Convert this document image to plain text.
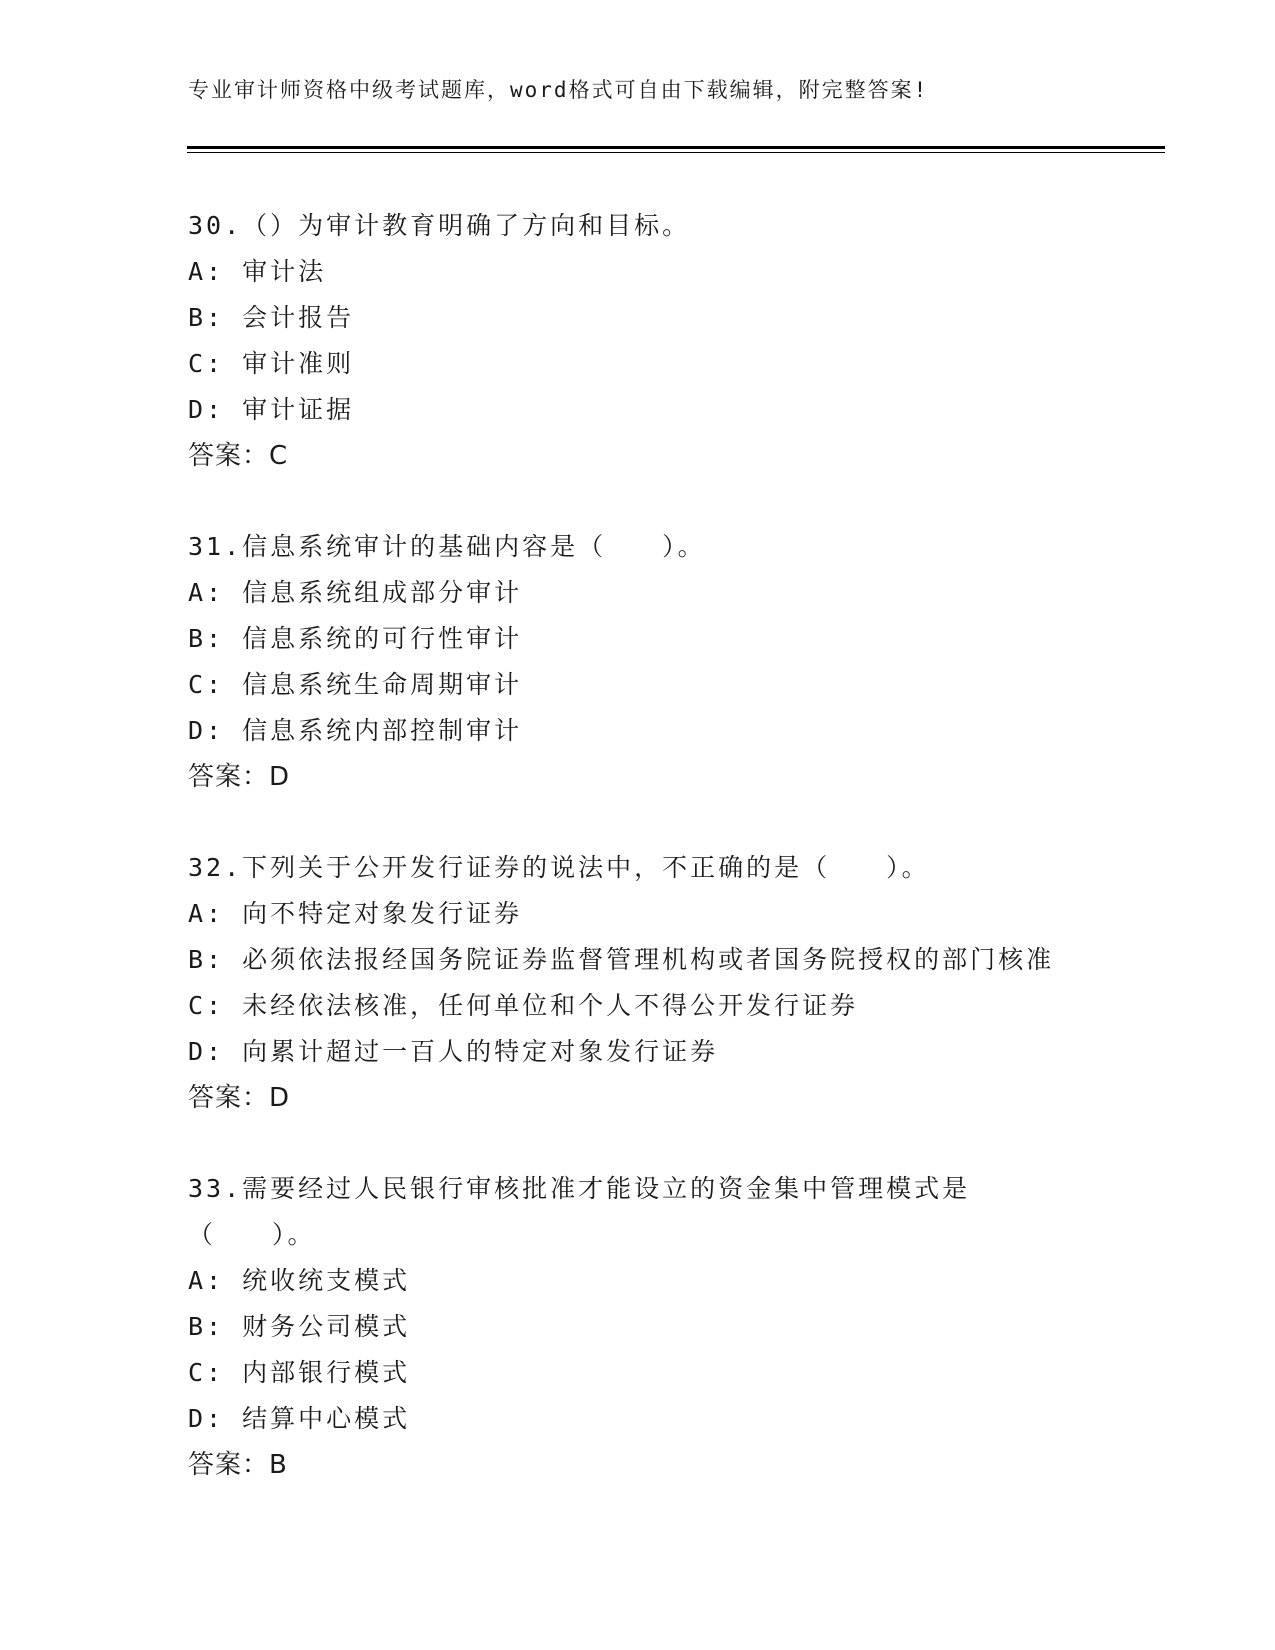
专业审计师资格中级考试题库，word格式可自由下载编辑，附完整答案!
30.（）为审计教育明确了方向和目标。
A: 审计法
B: 会计报告
C: 审计准则
D: 审计证据
答案：C
31.信息系统审计的基础内容是（　　）。
A: 信息系统组成部分审计
B: 信息系统的可行性审计
C: 信息系统生命周期审计
D: 信息系统内部控制审计
答案：D
32.下列关于公开发行证券的说法中，不正确的是（　　）。
A: 向不特定对象发行证券
B: 必须依法报经国务院证券监督管理机构或者国务院授权的部门核准
C: 未经依法核准，任何单位和个人不得公开发行证券
D: 向累计超过一百人的特定对象发行证券
答案：D
33.需要经过人民银行审核批准才能设立的资金集中管理模式是（　　）。
A: 统收统支模式
B: 财务公司模式
C: 内部银行模式
D: 结算中心模式
答案：B
